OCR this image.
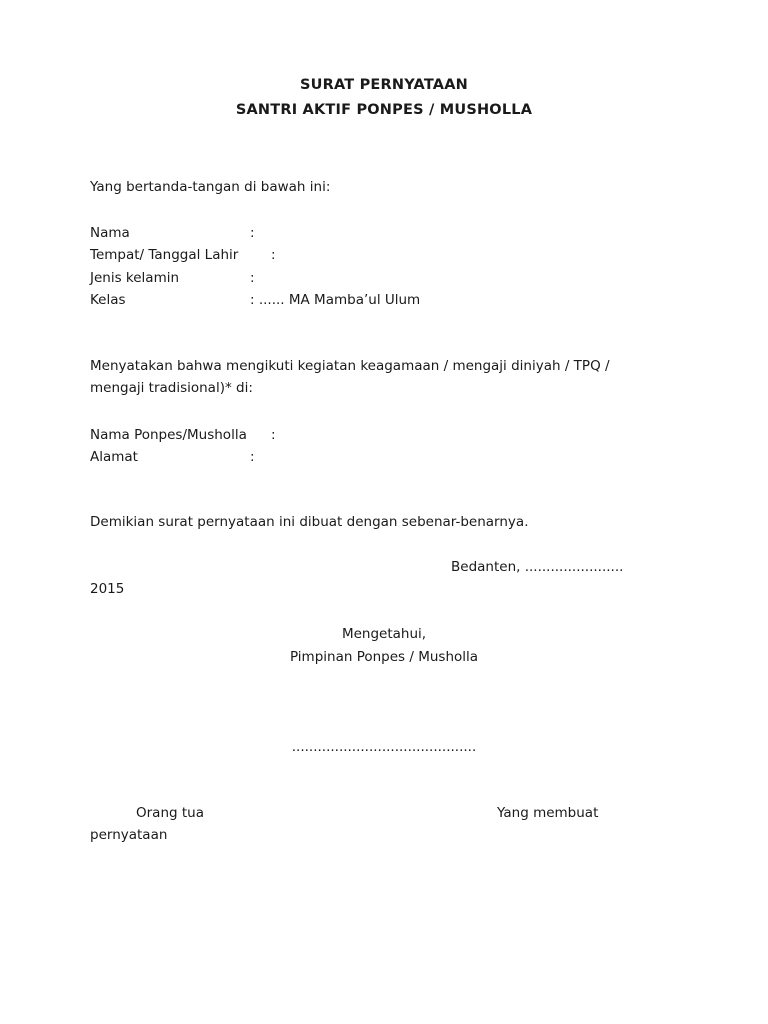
SURAT PERNYATAAN
SANTRI AKTIF PONPES / MUSHOLLA
Yang bertanda-tangan di bawah ini:
Nama	:
Tempat/ Tanggal Lahir :
Jenis kelamin	:
Kelas	: ...... MA Mamba’ul Ulum
Menyatakan bahwa mengikuti kegiatan keagamaan / mengaji diniyah / TPQ /
mengaji tradisional)* di:
Nama Ponpes/Musholla :
Alamat	:
Demikian surat pernyataan ini dibuat dengan sebenar-benarnya.
Bedanten, .......................
2015
Mengetahui,
Pimpinan Ponpes / Musholla
...........................................
Orang tua	Yang membuat
pernyataan
